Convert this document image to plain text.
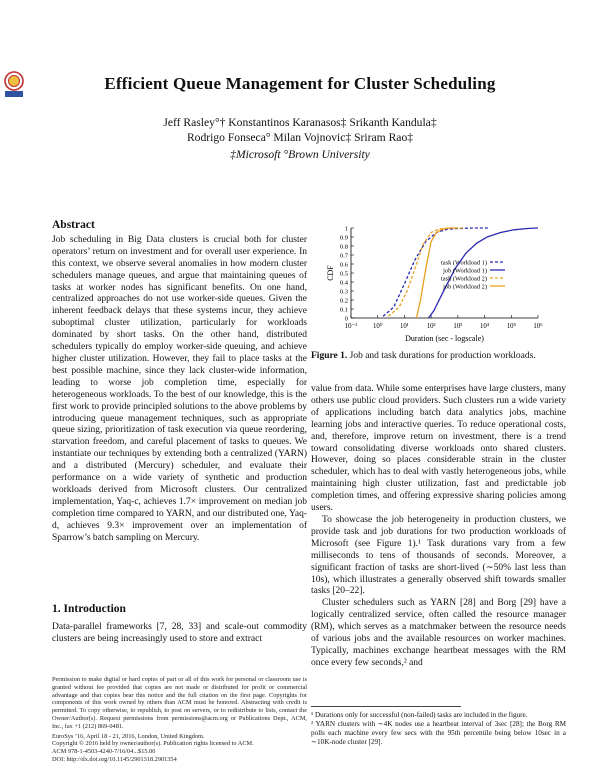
Efficient Queue Management for Cluster Scheduling
Jeff Rasley°† Konstantinos Karanasos‡ Srikanth Kandula‡
Rodrigo Fonseca° Milan Vojnovic‡ Sriram Rao‡
‡Microsoft °Brown University
Abstract

Job scheduling in Big Data clusters is crucial both for cluster operators’ return on investment and for overall user experience. In this context, we observe several anomalies in how modern cluster schedulers manage queues, and argue that maintaining queues of tasks at worker nodes has significant benefits. On one hand, centralized approaches do not use worker-side queues. Given the inherent feedback delays that these systems incur, they achieve suboptimal cluster utilization, particularly for workloads dominated by short tasks. On the other hand, distributed schedulers typically do employ worker-side queuing, and achieve higher cluster utilization. However, they fail to place tasks at the best possible machine, since they lack cluster-wide information, leading to worse job completion time, especially for heterogeneous workloads. To the best of our knowledge, this is the first work to provide principled solutions to the above problems by introducing queue management techniques, such as appropriate queue sizing, prioritization of task execution via queue reordering, starvation freedom, and careful placement of tasks to queues. We instantiate our techniques by extending both a centralized (YARN) and a distributed (Mercury) scheduler, and evaluate their performance on a wide variety of synthetic and production workloads derived from Microsoft clusters. Our centralized implementation, Yaq-c, achieves 1.7× improvement on median job completion time compared to YARN, and our distributed one, Yaq-d, achieves 9.3× improvement over an implementation of Sparrow’s batch sampling on Mercury.

1. Introduction

Data-parallel frameworks [7, 28, 33] and scale-out commodity clusters are being increasingly used to store and extract

Permission to make digital or hard copies of part or all of this work for personal or classroom use is granted without fee provided that copies are not made or distributed for profit or commercial advantage and that copies bear this notice and the full citation on the first page. Copyrights for components of this work owned by others than ACM must be honored. Abstracting with credit is permitted. To copy otherwise, to republish, to post on servers, or to redistribute to lists, contact the Owner/Author(s). Request permissions from permissions@acm.org or Publications Dept., ACM, Inc., fax +1 (212) 869-0481.

EuroSys ’16, April 18 - 21, 2016, London, United Kingdom.

Copyright © 2016 held by owner/author(s). Publication rights licensed to ACM.

ACM 978-1-4503-4240-7/16/04...$15.00

DOI: http://dx.doi.org/10.1145/2901318.2901354

0
0.1
0.2
0.3
0.4
0.5
0.6
0.7
0.8
0.9
1
10⁻¹ 10⁰	10¹	10²	10³	10⁴	10⁵	10⁶
Duration (sec - logscale)
CDF
task (Workload 1)
job (Workload 1)
task (Workload 2)
job (Workload 2)
Figure 1. Job and task durations for production workloads.

value from data. While some enterprises have large clusters, many others use public cloud providers. Such clusters run a wide variety of applications including batch data analytics jobs, machine learning jobs and interactive queries. To reduce operational costs, and, therefore, improve return on investment, there is a trend toward consolidating diverse workloads onto shared clusters. However, doing so places considerable strain in the cluster scheduler, which has to deal with vastly heterogeneous jobs, while maintaining high cluster utilization, fast and predictable job completion times, and offering expressive sharing policies among users.

To showcase the job heterogeneity in production clusters, we provide task and job durations for two production workloads of Microsoft (see Figure 1).¹ Task durations vary from a few milliseconds to tens of thousands of seconds. Moreover, a significant fraction of tasks are short-lived (∼50% last less than 10s), which illustrates a generally observed shift towards smaller tasks [20–22].

Cluster schedulers such as YARN [28] and Borg [29] have a logically centralized service, often called the resource manager (RM), which serves as a matchmaker between the resource needs of various jobs and the available resources on worker machines. Typically, machines exchange heartbeat messages with the RM once every few seconds,² and

¹ Durations only for successful (non-failed) tasks are included in the figure.

² YARN clusters with ∼4K nodes use a heartbeat interval of 3sec [28]; the Borg RM polls each machine every few secs with the 95th percentile being below 10sec in a ∼10K-node cluster [29].
